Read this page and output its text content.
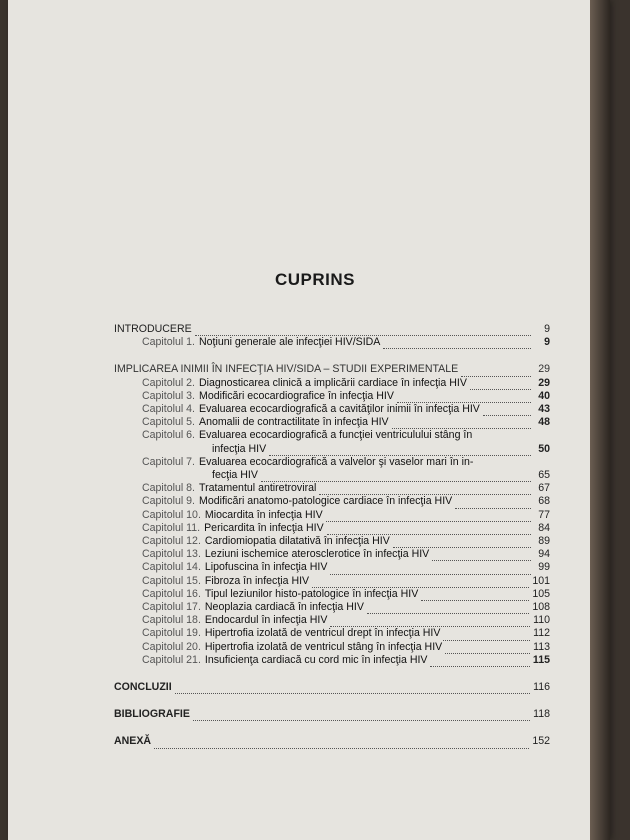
CUPRINS
INTRODUCERE	9
Capitolul 1. Noţiuni generale ale infecţiei HIV/SIDA	9
IMPLICAREA INIMII ÎN INFECŢIA HIV/SIDA – STUDII EXPERIMENTALE	29
Capitolul 2. Diagnosticarea clinică a implicării cardiace în infecţia HIV	29
Capitolul 3. Modificări ecocardiografice în infecţia HIV	40
Capitolul 4. Evaluarea ecocardiografică a cavităţilor inimii în infecţia HIV	43
Capitolul 5. Anomalii de contractilitate în infecţia HIV	48
Capitolul 6. Evaluarea ecocardiografică a funcţiei ventriculului stâng în
infecţia HIV	50
Capitolul 7. Evaluarea ecocardiografică a valvelor şi vaselor mari în in-
fecţia HIV	65
Capitolul 8. Tratamentul antiretroviral	67
Capitolul 9. Modificări anatomo-patologice cardiace în infecţia HIV	68
Capitolul 10. Miocardita în infecţia HIV	77
Capitolul 11. Pericardita în infecţia HIV	84
Capitolul 12. Cardiomiopatia dilatativă în infecţia HIV	89
Capitolul 13. Leziuni ischemice aterosclerotice în infecţia HIV	94
Capitolul 14. Lipofuscina în infecţia HIV	99
Capitolul 15. Fibroza în infecţia HIV	101
Capitolul 16. Tipul leziunilor histo-patologice în infecţia HIV	105
Capitolul 17. Neoplazia cardiacă în infecţia HIV	108
Capitolul 18. Endocardul în infecţia HIV	110
Capitolul 19. Hipertrofia izolată de ventricul drept în infecţia HIV	112
Capitolul 20. Hipertrofia izolată de ventricul stâng în infecţia HIV	113
Capitolul 21. Insuficienţa cardiacă cu cord mic în infecţia HIV	115
CONCLUZII	116
BIBLIOGRAFIE	118
ANEXĂ	152
